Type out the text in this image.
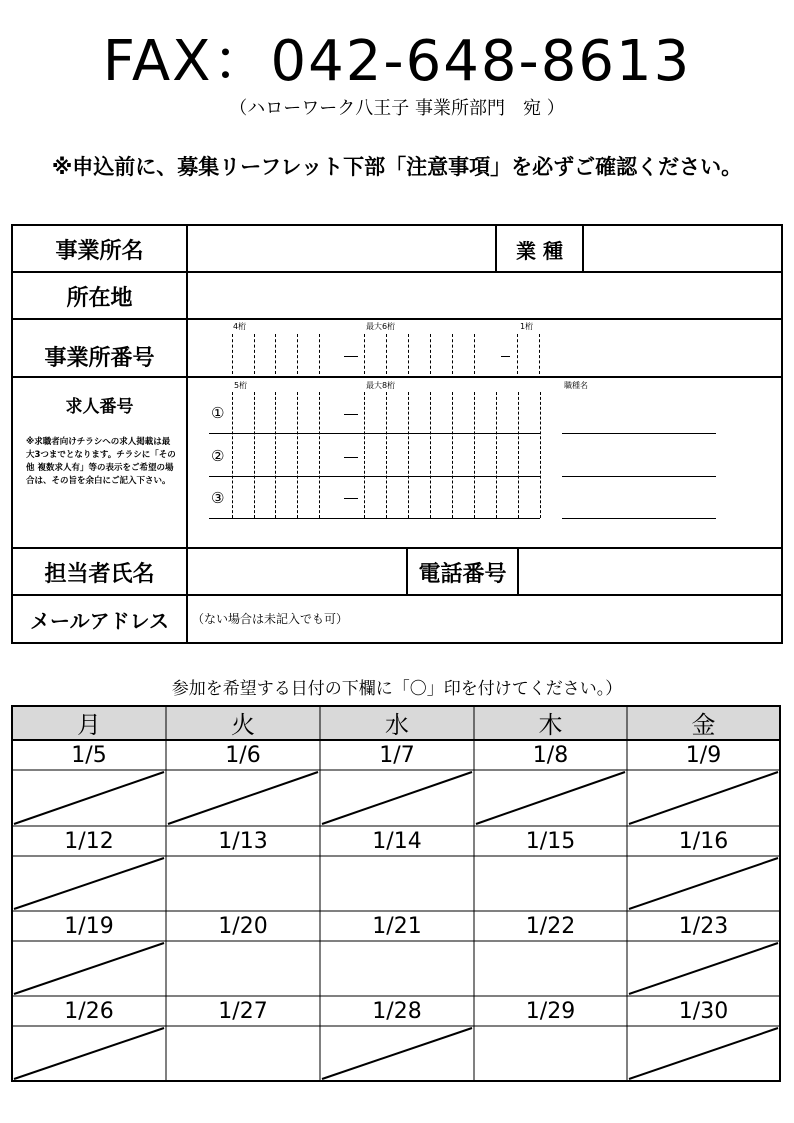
FAX：042-648-8613
（ハローワーク八王子 事業所部門　宛 ）
※申込前に、募集リーフレット下部「注意事項」を必ずご確認ください。
事業所名	業 種
所在地
事業所番号
4桁	最大6桁	1桁
求人番号
※求職者向けチラシへの求人掲載は最大3つまでとなります。チラシに「その他 複数求人有」等の表示をご希望の場合は、その旨を余白にご記入下さい。
5桁	最大8桁	職種名
①
②
③
担当者氏名	電話番号
メールアドレス	（ない場合は未記入でも可）
参加を希望する日付の下欄に「〇」印を付けてください。）
月	火	水	木	金
1/5	1/6	1/7	1/8	1/9
1/12	1/13	1/14	1/15	1/16
1/19	1/20	1/21	1/22	1/23
1/26	1/27	1/28	1/29	1/30
